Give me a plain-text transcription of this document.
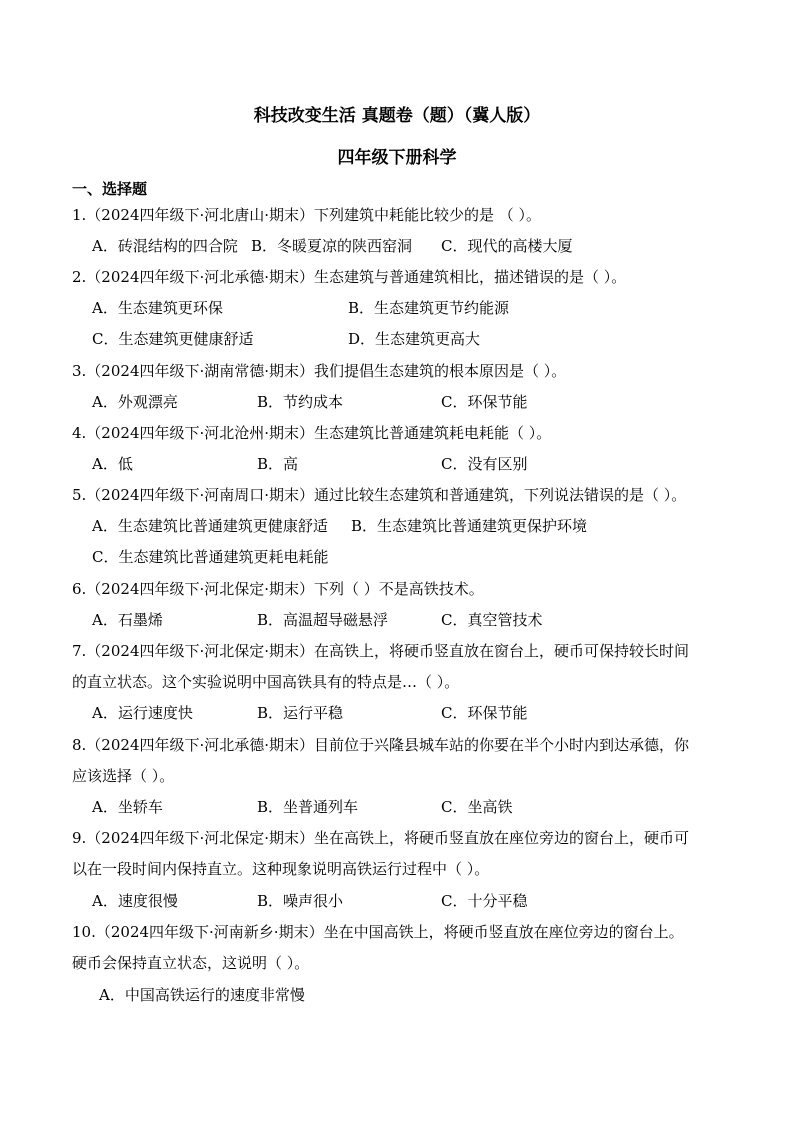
科技改变生活 真题卷（题）（冀人版）
四年级下册科学
一、选择题
1.（2024四年级下·河北唐山·期末）下列建筑中耗能比较少的是 （ ）。
A．砖混结构的四合院 B．冬暖夏凉的陕西窑洞 C．现代的高楼大厦
2.（2024四年级下·河北承德·期末）生态建筑与普通建筑相比，描述错误的是（ ）。
A．生态建筑更环保	B．生态建筑更节约能源
C．生态建筑更健康舒适	D．生态建筑更高大
3.（2024四年级下·湖南常德·期末）我们提倡生态建筑的根本原因是（ ）。
A．外观漂亮	B．节约成本	C．环保节能
4.（2024四年级下·河北沧州·期末）生态建筑比普通建筑耗电耗能（ ）。
A．低	B．高	C．没有区别
5.（2024四年级下·河南周口·期末）通过比较生态建筑和普通建筑，下列说法错误的是（ ）。
A．生态建筑比普通建筑更健康舒适 B．生态建筑比普通建筑更保护环境
C．生态建筑比普通建筑更耗电耗能
6.（2024四年级下·河北保定·期末）下列（ ）不是高铁技术。
A．石墨烯	B．高温超导磁悬浮	C．真空管技术
7.（2024四年级下·河北保定·期末）在高铁上，将硬币竖直放在窗台上，硬币可保持较长时间
的直立状态。这个实验说明中国高铁具有的特点是…（ ）。
A．运行速度快	B．运行平稳	C．环保节能
8.（2024四年级下·河北承德·期末）目前位于兴隆县城车站的你要在半个小时内到达承德，你
应该选择（ ）。
A．坐轿车	B．坐普通列车	C．坐高铁
9.（2024四年级下·河北保定·期末）坐在高铁上，将硬币竖直放在座位旁边的窗台上，硬币可
以在一段时间内保持直立。这种现象说明高铁运行过程中（ ）。
A．速度很慢	B．噪声很小	C．十分平稳
10.（2024四年级下·河南新乡·期末）坐在中国高铁上，将硬币竖直放在座位旁边的窗台上。
硬币会保持直立状态，这说明（ ）。
A．中国高铁运行的速度非常慢
